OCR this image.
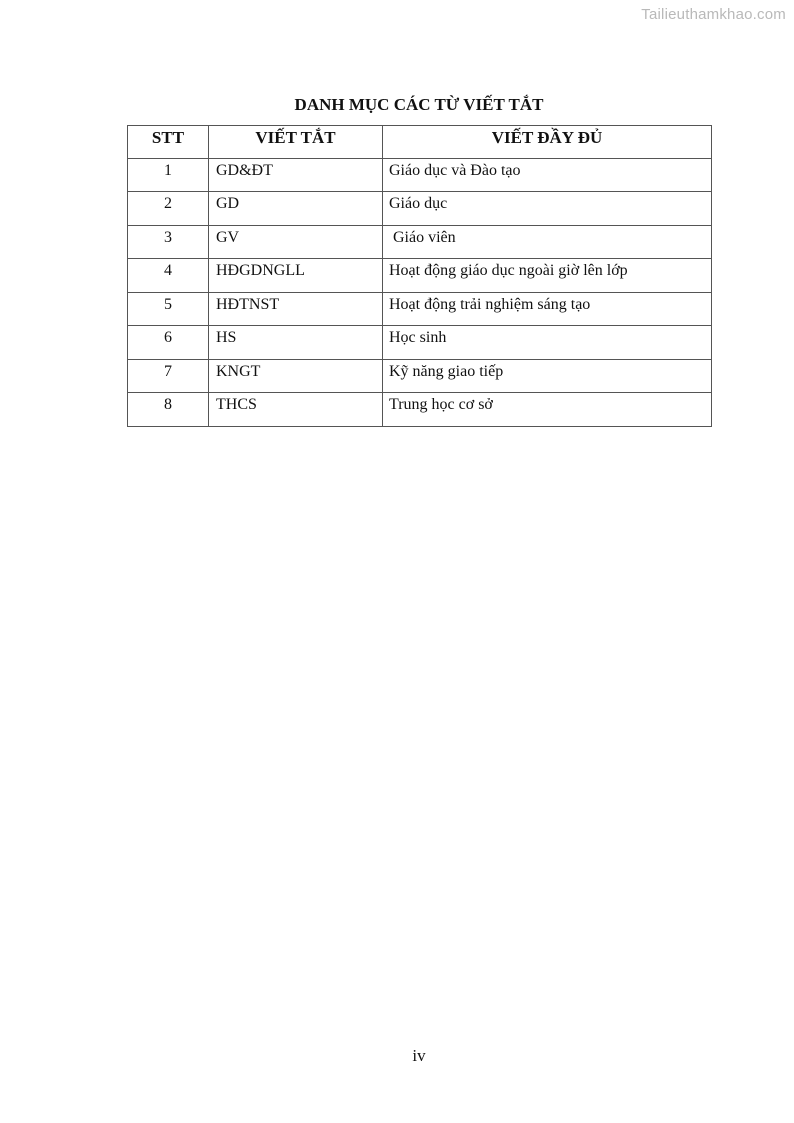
Tailieuthamkhao.com
DANH MỤC CÁC TỪ VIẾT TẮT
STT	VIẾT TẮT	VIẾT ĐẦY ĐỦ
1	GD&ĐT	Giáo dục và Đào tạo
2	GD	Giáo dục
3	GV	Giáo viên
4	HĐGDNGLL	Hoạt động giáo dục ngoài giờ lên lớp
5	HĐTNST	Hoạt động trải nghiệm sáng tạo
6	HS	Học sinh
7	KNGT	Kỹ năng giao tiếp
8	THCS	Trung học cơ sở
iv
